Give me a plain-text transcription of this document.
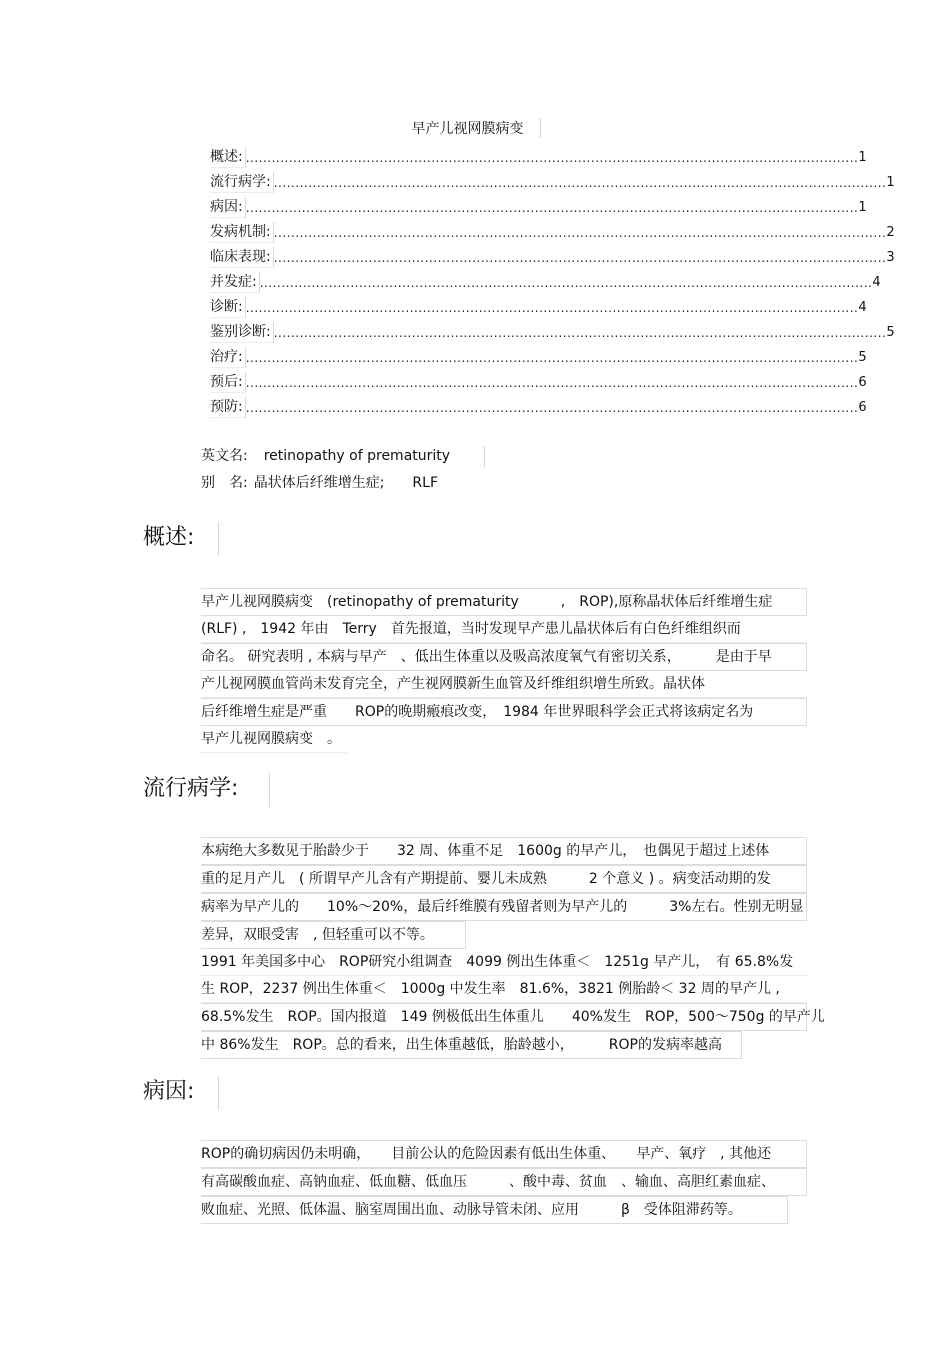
早产儿视网膜病变
概述: .............................................................................................................................................. 1
流行病学: .............................................................................................................................................. 1
病因: .............................................................................................................................................. 1
发病机制: .............................................................................................................................................. 2
临床表现: .............................................................................................................................................. 3
并发症: .............................................................................................................................................. 4
诊断: .............................................................................................................................................. 4
鉴别诊断: .............................................................................................................................................. 5
治疗: .............................................................................................................................................. 5
预后: .............................................................................................................................................. 6
预防: .............................................................................................................................................. 6
英文名: retinopathy of prematurity
别　名: 晶状体后纤维增生症;　　RLF
概述:
早产儿视网膜病变　(retinopathy of prematurity　　　,　ROP),原称晶状体后纤维增生症
(RLF) ,　1942 年由　Terry　首先报道，当时发现早产患儿晶状体后有白色纤维组织而
命名。 研究表明 , 本病与早产　、低出生体重以及吸高浓度氧气有密切关系，　　　是由于早
产儿视网膜血管尚未发育完全，产生视网膜新生血管及纤维组织增生所致。晶状体
后纤维增生症是严重　　ROP的晚期瘢痕改变，　1984 年世界眼科学会正式将该病定名为
早产儿视网膜病变　。
流行病学:
本病绝大多数见于胎龄少于　　32 周、体重不足　1600g 的早产儿，　也偶见于超过上述体
重的足月产儿　( 所谓早产儿含有产期提前、婴儿未成熟　　　2 个意义 ) 。病变活动期的发
病率为早产儿的　　10%～20%，最后纤维膜有残留者则为早产儿的　　　3%左右。性别无明显
差异，双眼受害　, 但轻重可以不等。
1991 年美国多中心　ROP研究小组调查　4099 例出生体重＜　1251g 早产儿，　有 65.8%发
生 ROP，2237 例出生体重＜　1000g 中发生率　81.6%，3821 例胎龄＜ 32 周的早产儿 ,
68.5%发生　ROP。国内报道　149 例极低出生体重儿　　40%发生　ROP，500～750g 的早产儿
中 86%发生　ROP。总的看来，出生体重越低，胎龄越小，　　　ROP的发病率越高
病因:
ROP的确切病因仍未明确，　　目前公认的危险因素有低出生体重、　　早产、氧疗　, 其他还
有高碳酸血症、高钠血症、低血糖、低血压　　　、酸中毒、贫血　、输血、高胆红素血症、
败血症、光照、低体温、脑室周围出血、动脉导管未闭、应用　　　β　受体阻滞药等。
